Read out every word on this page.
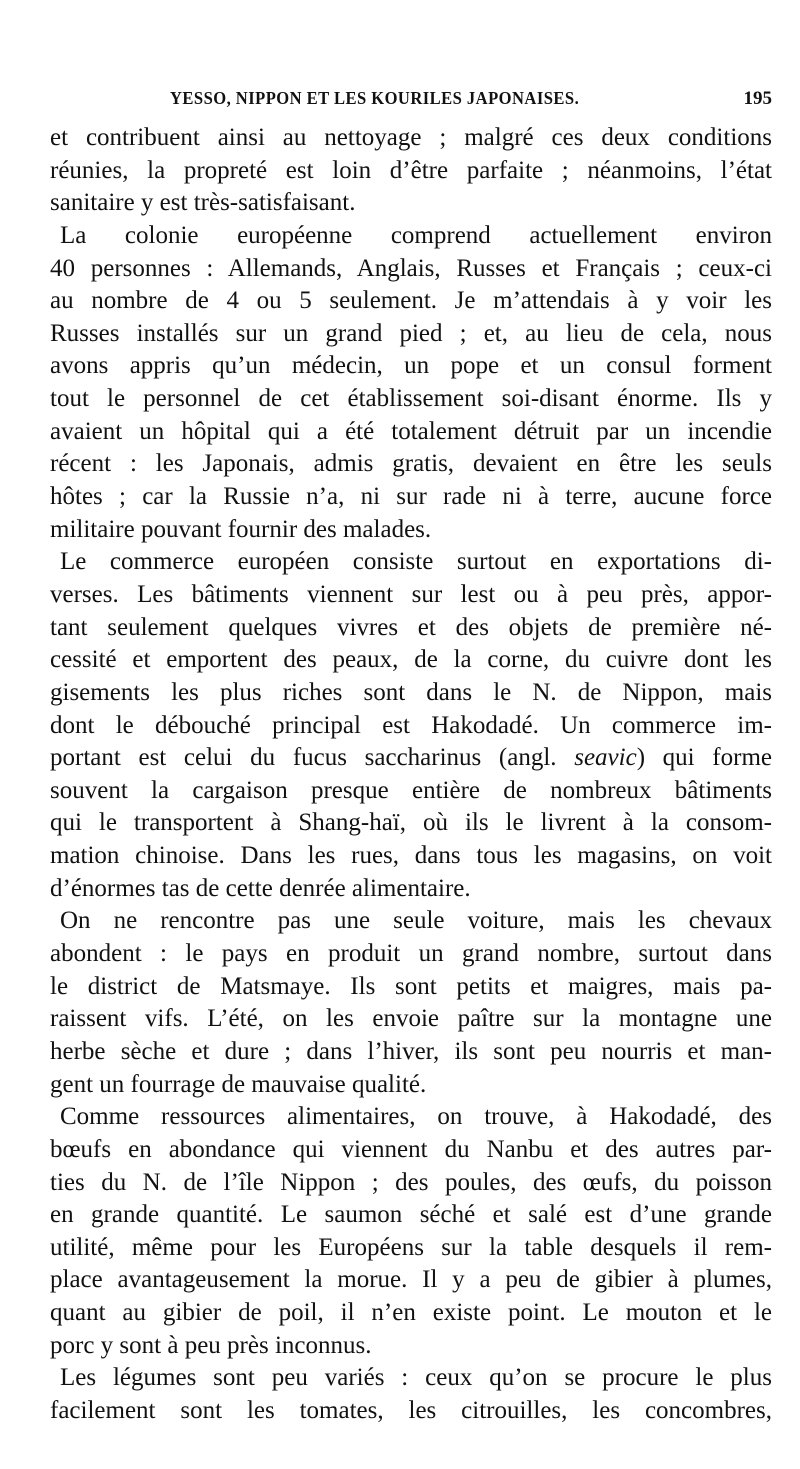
YESSO, NIPPON ET LES KOURILES JAPONAISES.	195
et contribuent ainsi au nettoyage ; malgré ces deux conditions
réunies, la propreté est loin d’être parfaite ; néanmoins, l’état
sanitaire y est très-satisfaisant.
La colonie européenne comprend actuellement environ
40 personnes : Allemands, Anglais, Russes et Français ; ceux-ci
au nombre de 4 ou 5 seulement. Je m’attendais à y voir les
Russes installés sur un grand pied ; et, au lieu de cela, nous
avons appris qu’un médecin, un pope et un consul forment
tout le personnel de cet établissement soi-disant énorme. Ils y
avaient un hôpital qui a été totalement détruit par un incendie
récent : les Japonais, admis gratis, devaient en être les seuls
hôtes ; car la Russie n’a, ni sur rade ni à terre, aucune force
militaire pouvant fournir des malades.
Le commerce européen consiste surtout en exportations di-
verses. Les bâtiments viennent sur lest ou à peu près, appor-
tant seulement quelques vivres et des objets de première né-
cessité et emportent des peaux, de la corne, du cuivre dont les
gisements les plus riches sont dans le N. de Nippon, mais
dont le débouché principal est Hakodadé. Un commerce im-
portant est celui du fucus saccharinus (angl. seavic) qui forme
souvent la cargaison presque entière de nombreux bâtiments
qui le transportent à Shang-haï, où ils le livrent à la consom-
mation chinoise. Dans les rues, dans tous les magasins, on voit
d’énormes tas de cette denrée alimentaire.
On ne rencontre pas une seule voiture, mais les chevaux
abondent : le pays en produit un grand nombre, surtout dans
le district de Matsmaye. Ils sont petits et maigres, mais pa-
raissent vifs. L’été, on les envoie paître sur la montagne une
herbe sèche et dure ; dans l’hiver, ils sont peu nourris et man-
gent un fourrage de mauvaise qualité.
Comme ressources alimentaires, on trouve, à Hakodadé, des
bœufs en abondance qui viennent du Nanbu et des autres par-
ties du N. de l’île Nippon ; des poules, des œufs, du poisson
en grande quantité. Le saumon séché et salé est d’une grande
utilité, même pour les Européens sur la table desquels il rem-
place avantageusement la morue. Il y a peu de gibier à plumes,
quant au gibier de poil, il n’en existe point. Le mouton et le
porc y sont à peu près inconnus.
Les légumes sont peu variés : ceux qu’on se procure le plus
facilement sont les tomates, les citrouilles, les concombres,
